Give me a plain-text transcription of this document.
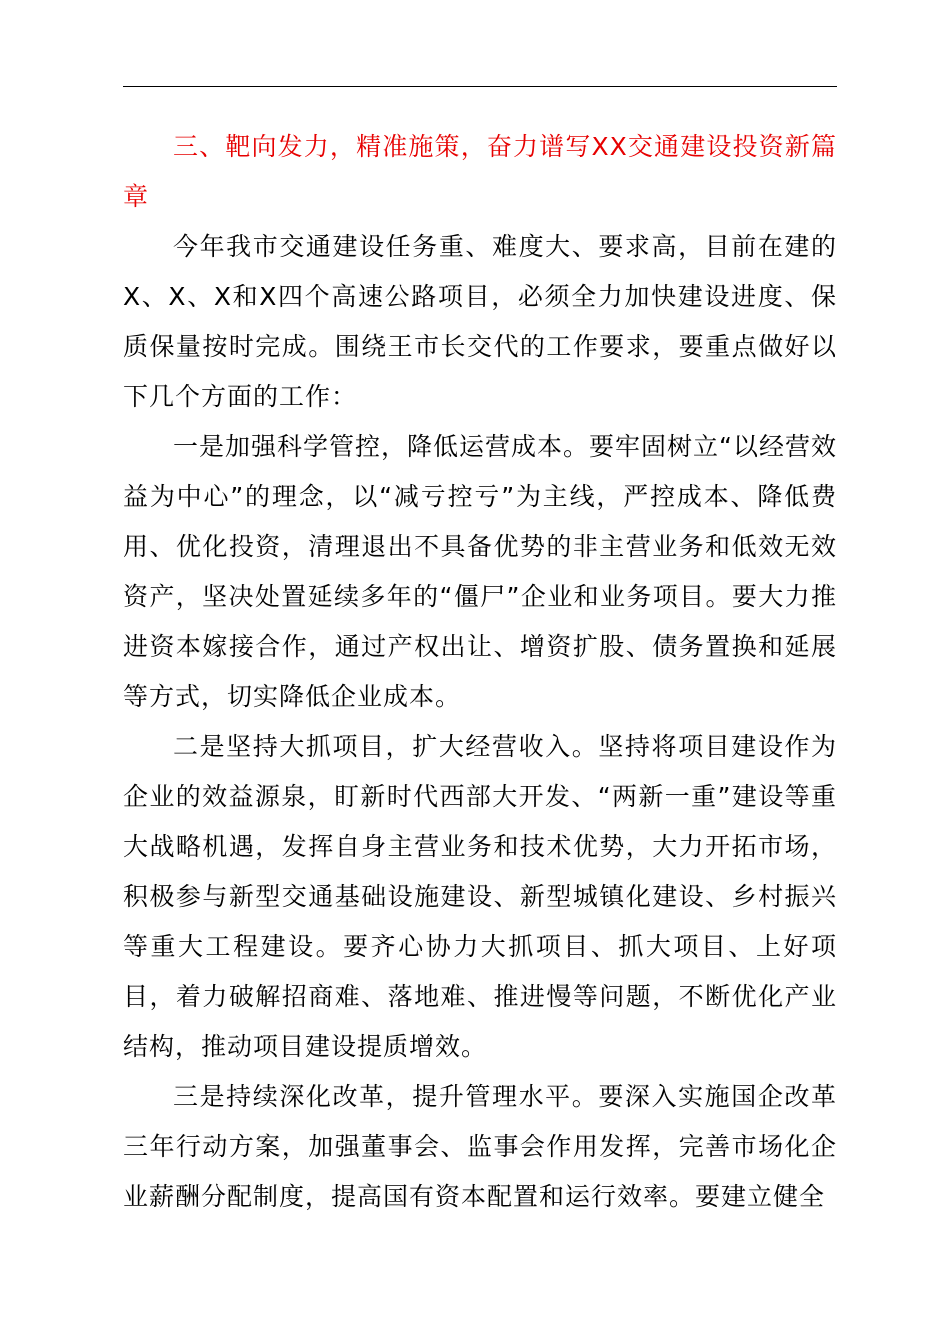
三、靶向发力，精准施策，奋力谱写XX交通建设投资新篇章

今年我市交通建设任务重、难度大、要求高，目前在建的X、X、X和X四个高速公路项目，必须全力加快建设进度、保质保量按时完成。围绕王市长交代的工作要求，要重点做好以下几个方面的工作：

一是加强科学管控，降低运营成本。要牢固树立“以经营效益为中心”的理念，以“减亏控亏”为主线，严控成本、降低费用、优化投资，清理退出不具备优势的非主营业务和低效无效资产，坚决处置延续多年的“僵尸”企业和业务项目。要大力推进资本嫁接合作，通过产权出让、增资扩股、债务置换和延展等方式，切实降低企业成本。

二是坚持大抓项目，扩大经营收入。坚持将项目建设作为企业的效益源泉，盯新时代西部大开发、“两新一重”建设等重大战略机遇，发挥自身主营业务和技术优势，大力开拓市场，积极参与新型交通基础设施建设、新型城镇化建设、乡村振兴等重大工程建设。要齐心协力大抓项目、抓大项目、上好项目，着力破解招商难、落地难、推进慢等问题，不断优化产业结构，推动项目建设提质增效。

三是持续深化改革，提升管理水平。要深入实施国企改革三年行动方案，加强董事会、监事会作用发挥，完善市场化企业薪酬分配制度，提高国有资本配置和运行效率。要建立健全
